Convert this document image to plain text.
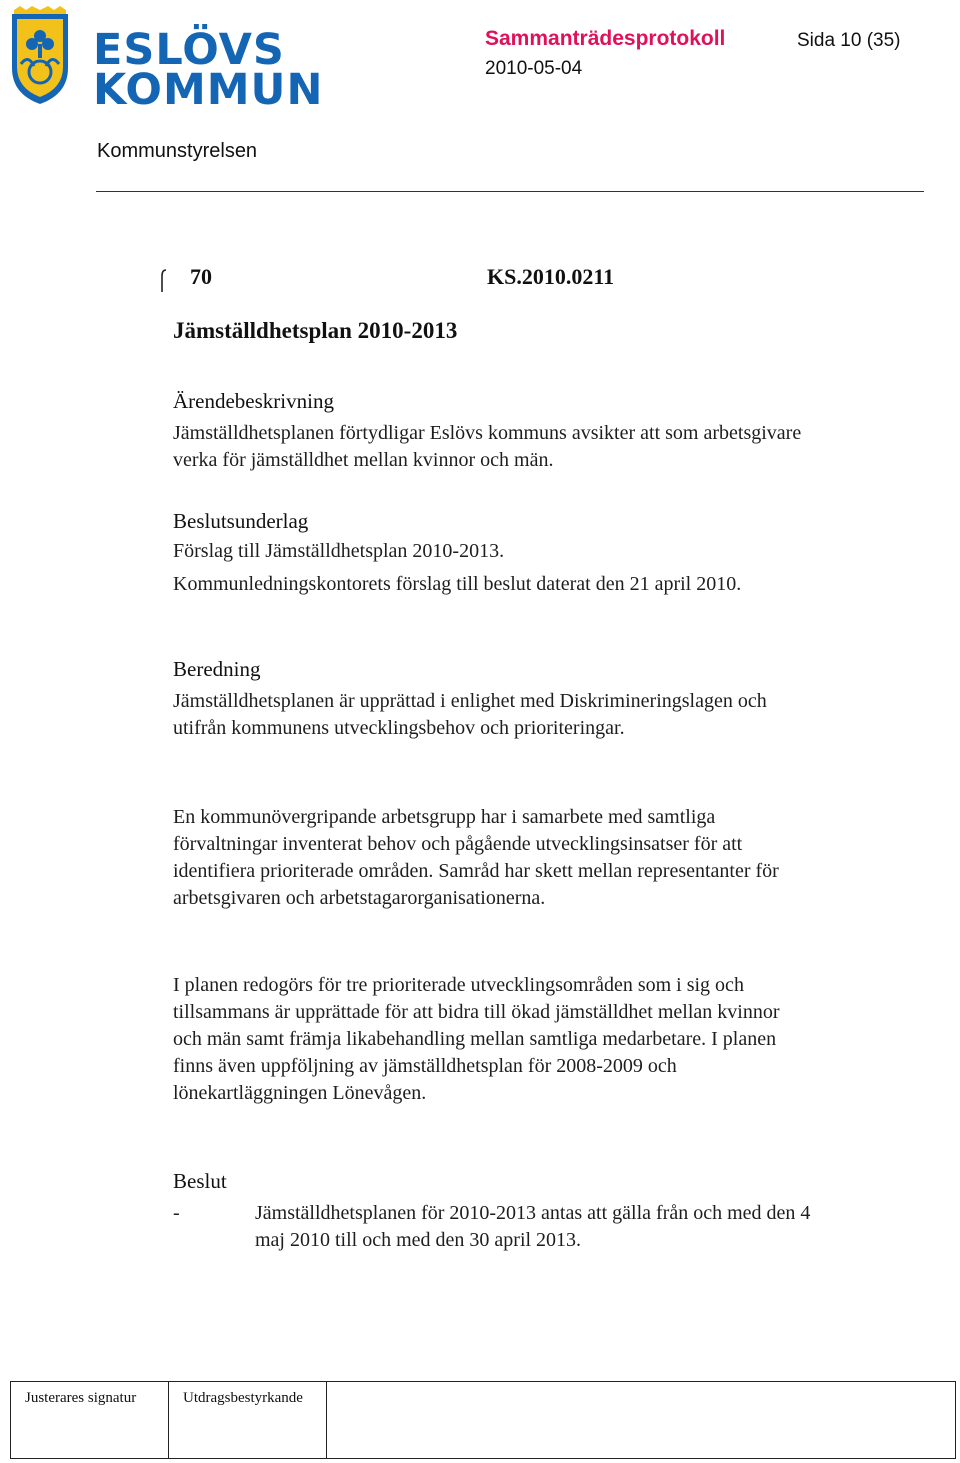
ESLÖVS
KOMMUN
Sammanträdesprotokoll
2010-05-04
Sida 10 (35)
Kommunstyrelsen
70	KS.2010.0211
Jämställdhetsplan 2010-2013
Ärendebeskrivning
Jämställdhetsplanen förtydligar Eslövs kommuns avsikter att som arbetsgivare verka för jämställdhet mellan kvinnor och män.
Beslutsunderlag
Förslag till Jämställdhetsplan 2010-2013.
Kommunledningskontorets förslag till beslut daterat den 21 april 2010.
Beredning
Jämställdhetsplanen är upprättad i enlighet med Diskrimineringslagen och utifrån kommunens utvecklingsbehov och prioriteringar.
En kommunövergripande arbetsgrupp har i samarbete med samtliga förvaltningar inventerat behov och pågående utvecklingsinsatser för att identifiera prioriterade områden. Samråd har skett mellan representanter för arbetsgivaren och arbetstagarorganisationerna.
I planen redogörs för tre prioriterade utvecklingsområden som i sig och tillsammans är upprättade för att bidra till ökad jämställdhet mellan kvinnor och män samt främja likabehandling mellan samtliga medarbetare. I planen finns även uppföljning av jämställdhetsplan för 2008-2009 och lönekartläggningen Lönevågen.
Beslut
-	Jämställdhetsplanen för 2010-2013 antas att gälla från och med den 4 maj 2010 till och med den 30 april 2013.
Justerares signatur	Utdragsbestyrkande
